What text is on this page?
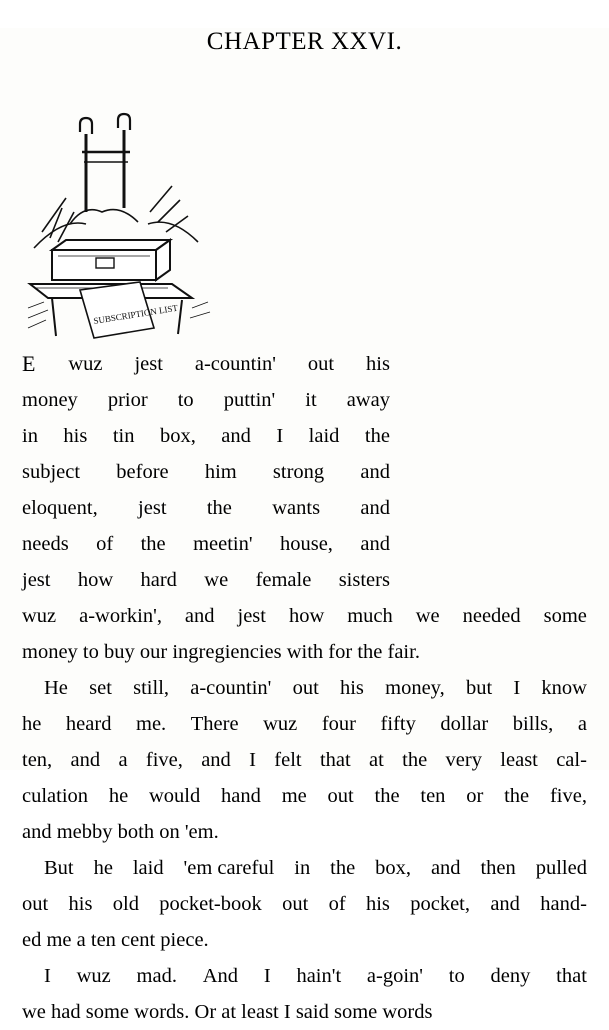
CHAPTER XXVI.
SUBSCRIPTION LIST
E wuz jest a-countin' out his
money prior to puttin' it away
in his tin box, and I laid the
subject before him strong and
eloquent, jest the wants and
needs of the meetin' house, and
jest how hard we female sisters
wuz a-workin', and jest how much we needed some
money to buy our ingregiencies with for the fair.
He set still, a-countin' out his money, but I know
he heard me. There wuz four fifty dollar bills, a
ten, and a five, and I felt that at the very least cal-
culation he would hand me out the ten or the five,
and mebby both on 'em.
But he laid 'em careful in the box, and then pulled
out his old pocket-book out of his pocket, and hand-
ed me a ten cent piece.
I wuz mad. And I hain't a-goin' to deny that
we had some words. Or at least I said some words
